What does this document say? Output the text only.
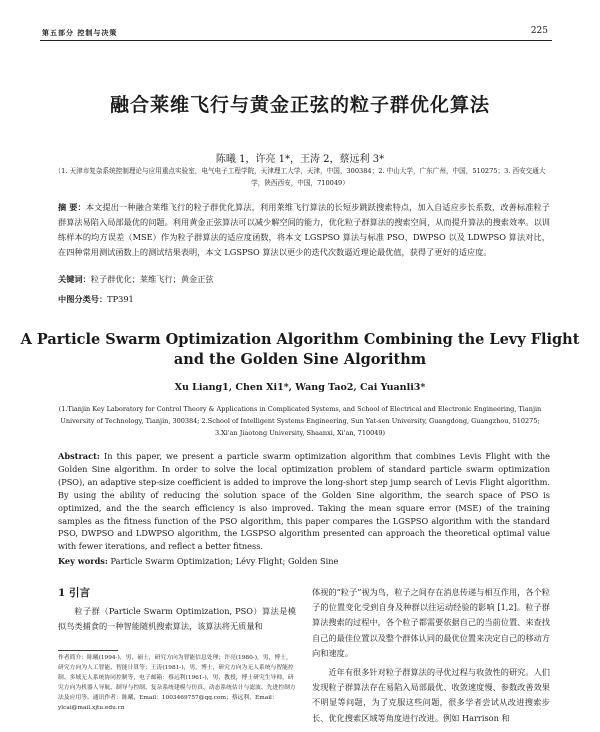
第五部分 控制与决策	225
融合莱维飞行与黄金正弦的粒子群优化算法
陈曦 1，许亮 1*，王涛 2，蔡远利 3*
（1. 天津市复杂系统控制理论与应用重点实验室，电气电子工程学院，天津理工大学，天津，中国，300384；2. 中山大学，广东广州，中国，510275；3. 西安交通大学，陕西西安，中国，710049）
摘 要：本文提出一种融合莱维飞行的粒子群优化算法，利用莱维飞行算法的长短步跳跃搜索特点，加入自适应步长系数，改善标准粒子群算法易陷入局部最优的问题。利用黄金正弦算法可以减少解空间的能力，优化粒子群算法的搜索空间，从而提升算法的搜索效率。以训练样本的均方误差（MSE）作为粒子群算法的适应度函数，将本文 LGSPSO 算法与标准 PSO、DWPSO 以及 LDWPSO 算法对比，在四种常用测试函数上的测试结果表明，本文 LGSPSO 算法以更少的迭代次数逼近理论最优值，获得了更好的适应度。
关键词：粒子群优化；莱维飞行；黄金正弦
中图分类号：TP391
A Particle Swarm Optimization Algorithm Combining the Levy Flight and the Golden Sine Algorithm
Xu Liang1, Chen Xi1*, Wang Tao2, Cai Yuanli3*
(1.Tianjin Key Laboratory for Control Theory & Applications in Complicated Systems, and School of Electrical and Electronic Engineering, Tianjin University of Technology, Tianjin, 300384; 2.School of Intelligent Systems Engineering, Sun Yat-sen University, Guangdong, Guangzhou, 510275; 3.Xi'an Jiaotong University, Shaanxi, Xi'an, 710049)
Abstract: In this paper, we present a particle swarm optimization algorithm that combines Levis Flight with the Golden Sine algorithm. In order to solve the local optimization problem of standard particle swarm optimization (PSO), an adaptive step-size coefficient is added to improve the long-short step jump search of Levis Flight algorithm. By using the ability of reducing the solution space of the Golden Sine algorithm, the search space of PSO is optimized, and the the search efficiency is also improved. Taking the mean square error (MSE) of the training samples as the fitness function of the PSO algorithm, this paper compares the LGSPSO algorithm with the standard PSO, DWPSO and LDWPSO algorithm, the LGSPSO algorithm presented can approach the theoretical optimal value with fewer iterations, and reflect a better fitness.
Key words: Particle Swarm Optimization; Lévy Flight; Golden Sine
1 引言

粒子群（Particle Swarm Optimization, PSO）算法是模拟鸟类捕食的一种智能随机搜索算法，该算法将无质量和

作者简介：陈曦(1994-)，男，硕士，研究方向为智能信息处理；许亮(1980-)，男，博士，研究方向为人工智能、智能计算等；王涛(1981-)，男，博士，研究方向为无人系统与智能控制、多域无人系统协同控制等，电子邮箱：蔡远利(1961-)，男，教授，博士研究生导师，研究方向为机器人导航、制导与控制、复杂系统建模与仿真、动态系统估计与滤波、先进控制方法及应用等。通讯作者：陈曦，Email：1003469757@qq.com；蔡远利，Email：ylcai@mail.xjtu.edu.cn

体视的“粒子”视为鸟，粒子之间存在消息传递与相互作用，各个粒子的位置变化受到自身及种群以往运动经验的影响 [1,2]。粒子群算法搜索的过程中，各个粒子都需要依据自己的当前位置、来查找自己的最佳位置以及整个群体认同的最优位置来决定自己的移动方向和速度。

近年有很多针对粒子群算法的寻优过程与收敛性的研究。人们发现粒子群算法存在易陷入局部最优、收敛速度慢、参数改善效果不明显等问题，为了克服这些问题，很多学者尝试从改进搜索步长、优化搜索区域等角度进行改进。例如 Harrison 和
